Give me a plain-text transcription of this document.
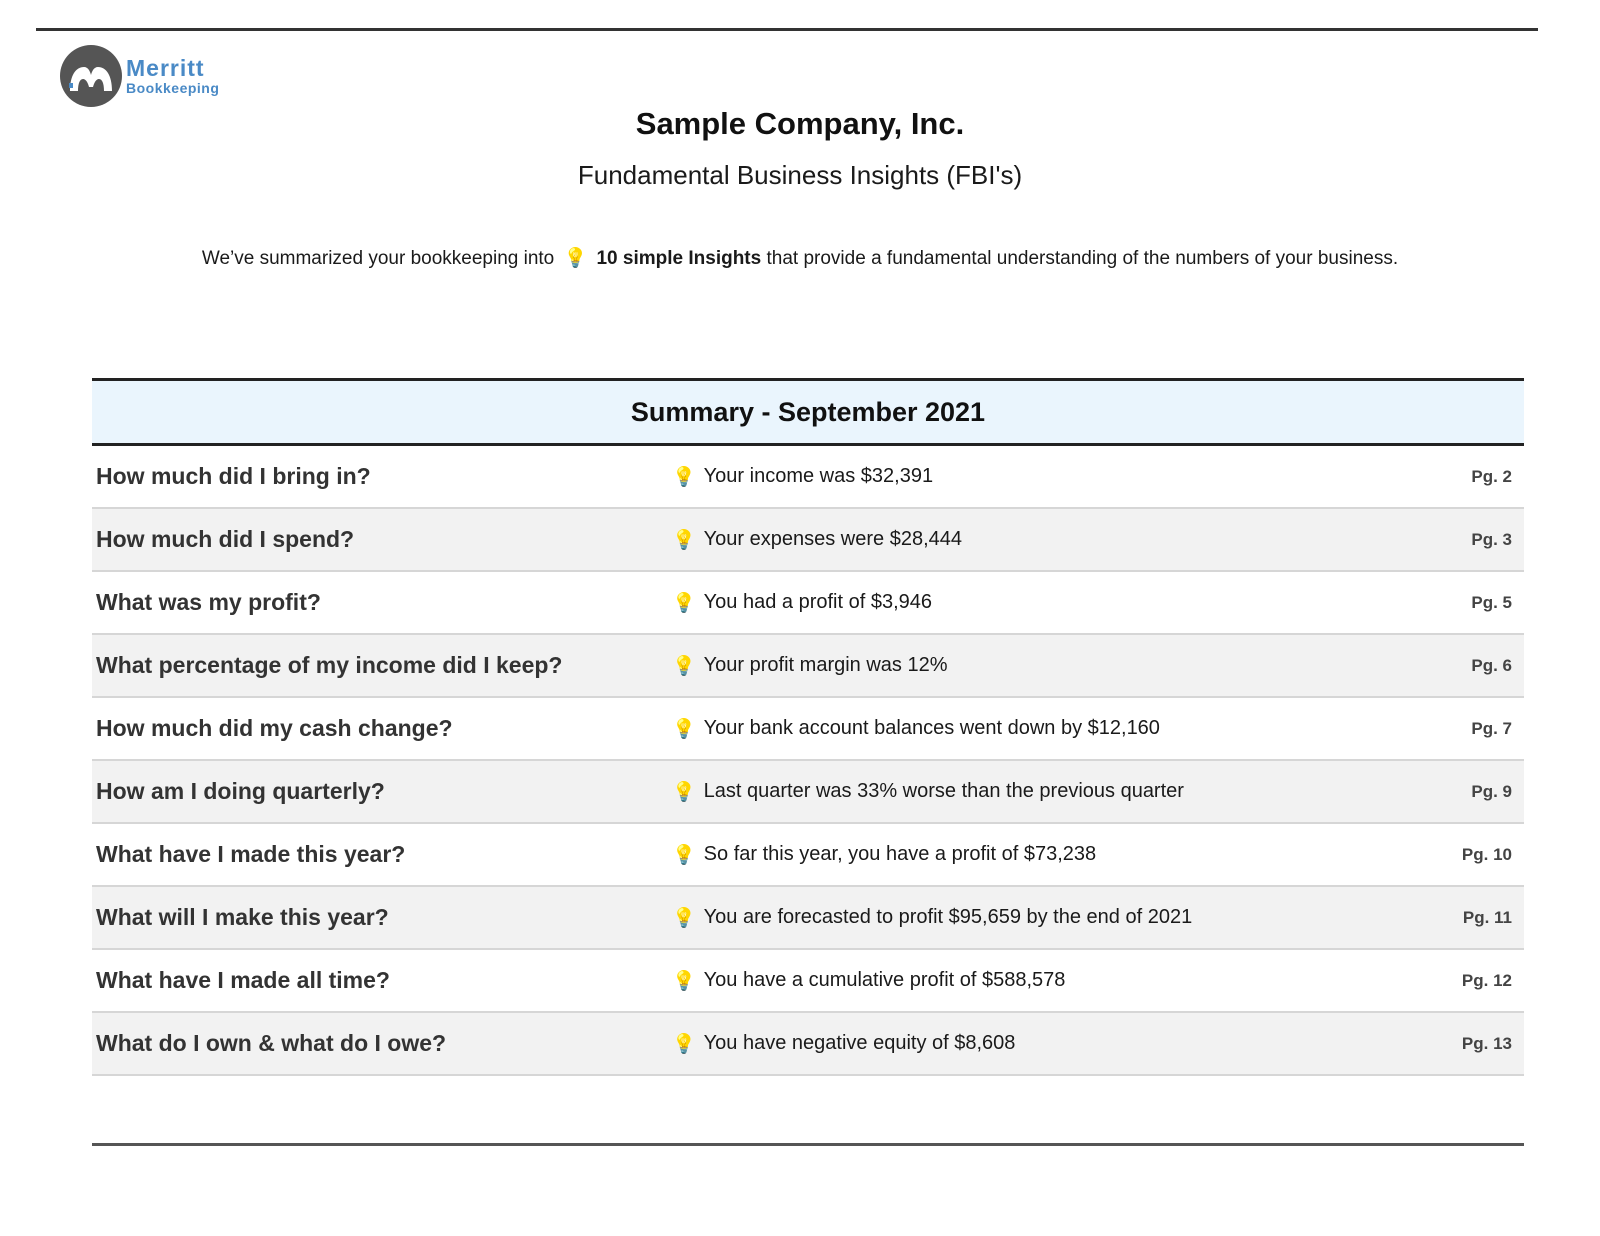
Merritt
Bookkeeping
Sample Company, Inc.
Fundamental Business Insights (FBI's)
We’ve summarized your bookkeeping into 💡 10 simple Insights that provide a fundamental understanding of the numbers of your business.
Summary - September 2021
How much did I bring in?	💡 Your income was $32,391	Pg. 2
How much did I spend?	💡 Your expenses were $28,444	Pg. 3
What was my profit?	💡 You had a profit of $3,946	Pg. 5
What percentage of my income did I keep?	💡 Your profit margin was 12%	Pg. 6
How much did my cash change?	💡 Your bank account balances went down by $12,160	Pg. 7
How am I doing quarterly?	💡 Last quarter was 33% worse than the previous quarter	Pg. 9
What have I made this year?	💡 So far this year, you have a profit of $73,238	Pg. 10
What will I make this year?	💡 You are forecasted to profit $95,659 by the end of 2021	Pg. 11
What have I made all time?	💡 You have a cumulative profit of $588,578	Pg. 12
What do I own & what do I owe?	💡 You have negative equity of $8,608	Pg. 13
